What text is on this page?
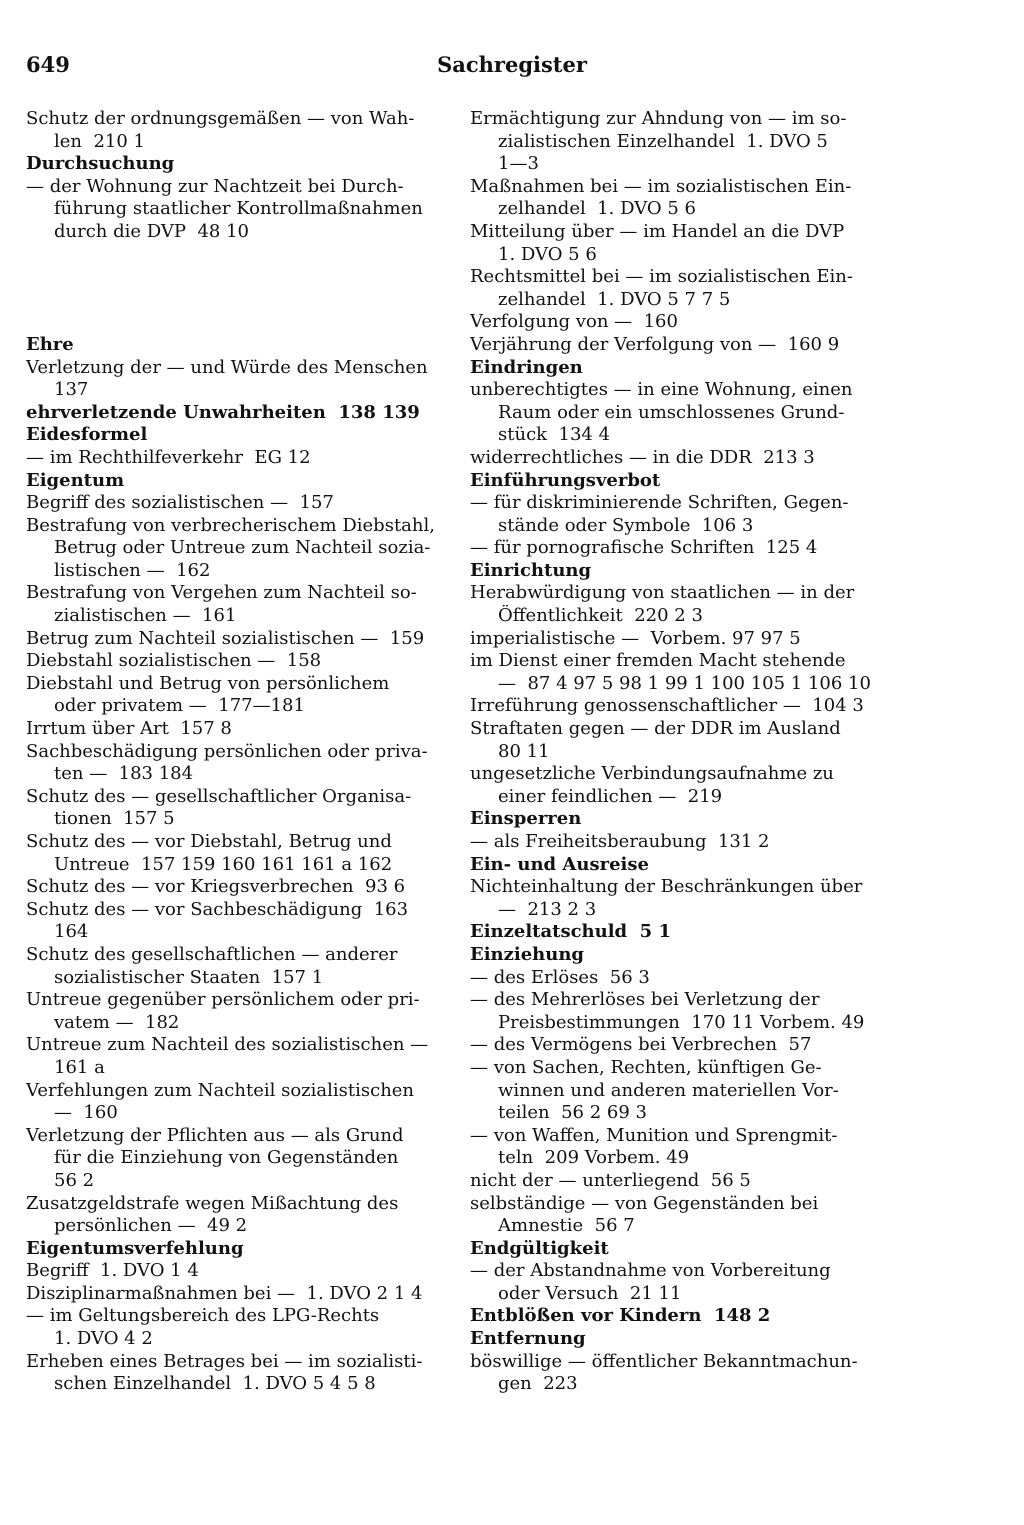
649	Sachregister
Schutz der ordnungsgemäßen — von Wah-
len  210 1
Durchsuchung
— der Wohnung zur Nachtzeit bei Durch-
führung staatlicher Kontrollmaßnahmen
durch die DVP  48 10
Ehre
Verletzung der — und Würde des Menschen
137
ehrverletzende Unwahrheiten  138 139
Eidesformel
— im Rechthilfeverkehr  EG 12
Eigentum
Begriff des sozialistischen —  157
Bestrafung von verbrecherischem Diebstahl,
Betrug oder Untreue zum Nachteil sozia-
listischen —  162
Bestrafung von Vergehen zum Nachteil so-
zialistischen —  161
Betrug zum Nachteil sozialistischen —  159
Diebstahl sozialistischen —  158
Diebstahl und Betrug von persönlichem
oder privatem —  177—181
Irrtum über Art  157 8
Sachbeschädigung persönlichen oder priva-
ten —  183 184
Schutz des — gesellschaftlicher Organisa-
tionen  157 5
Schutz des — vor Diebstahl, Betrug und
Untreue  157 159 160 161 161 a 162
Schutz des — vor Kriegsverbrechen  93 6
Schutz des — vor Sachbeschädigung  163
164
Schutz des gesellschaftlichen — anderer
sozialistischer Staaten  157 1
Untreue gegenüber persönlichem oder pri-
vatem —  182
Untreue zum Nachteil des sozialistischen —
161 a
Verfehlungen zum Nachteil sozialistischen
—  160
Verletzung der Pflichten aus — als Grund
für die Einziehung von Gegenständen
56 2
Zusatzgeldstrafe wegen Mißachtung des
persönlichen —  49 2
Eigentumsverfehlung
Begriff  1. DVO 1 4
Disziplinarmaßnahmen bei —  1. DVO 2 1 4
— im Geltungsbereich des LPG-Rechts
1. DVO 4 2
Erheben eines Betrages bei — im sozialisti-
schen Einzelhandel  1. DVO 5 4 5 8
Ermächtigung zur Ahndung von — im so-
zialistischen Einzelhandel  1. DVO 5
1—3
Maßnahmen bei — im sozialistischen Ein-
zelhandel  1. DVO 5 6
Mitteilung über — im Handel an die DVP
1. DVO 5 6
Rechtsmittel bei — im sozialistischen Ein-
zelhandel  1. DVO 5 7 7 5
Verfolgung von —  160
Verjährung der Verfolgung von —  160 9
Eindringen
unberechtigtes — in eine Wohnung, einen
Raum oder ein umschlossenes Grund-
stück  134 4
widerrechtliches — in die DDR  213 3
Einführungsverbot
— für diskriminierende Schriften, Gegen-
stände oder Symbole  106 3
— für pornografische Schriften  125 4
Einrichtung
Herabwürdigung von staatlichen — in der
Öffentlichkeit  220 2 3
imperialistische —  Vorbem. 97 97 5
im Dienst einer fremden Macht stehende
—  87 4 97 5 98 1 99 1 100 105 1 106 10
Irreführung genossenschaftlicher —  104 3
Straftaten gegen — der DDR im Ausland
80 11
ungesetzliche Verbindungsaufnahme zu
einer feindlichen —  219
Einsperren
— als Freiheitsberaubung  131 2
Ein- und Ausreise
Nichteinhaltung der Beschränkungen über
—  213 2 3
Einzeltatschuld  5 1
Einziehung
— des Erlöses  56 3
— des Mehrerlöses bei Verletzung der
Preisbestimmungen  170 11 Vorbem. 49
— des Vermögens bei Verbrechen  57
— von Sachen, Rechten, künftigen Ge-
winnen und anderen materiellen Vor-
teilen  56 2 69 3
— von Waffen, Munition und Sprengmit-
teln  209 Vorbem. 49
nicht der — unterliegend  56 5
selbständige — von Gegenständen bei
Amnestie  56 7
Endgültigkeit
— der Abstandnahme von Vorbereitung
oder Versuch  21 11
Entblößen vor Kindern  148 2
Entfernung
böswillige — öffentlicher Bekanntmachun-
gen  223
